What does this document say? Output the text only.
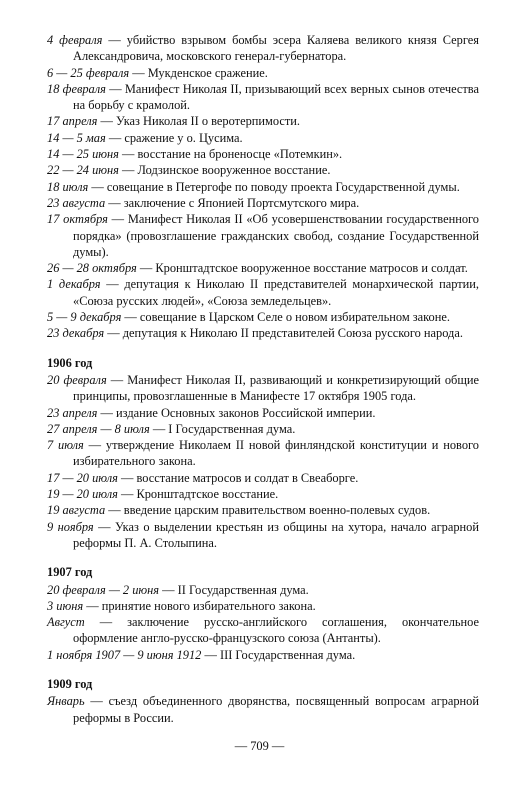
4 февраля — убийство взрывом бомбы эсера Каляева великого князя Сергея Александровича, московского генерал-губернатора.

6 — 25 февраля — Мукденское сражение.

18 февраля — Манифест Николая II, призывающий всех верных сынов отечества на борьбу с крамолой.

17 апреля — Указ Николая II о веротерпимости.

14 — 5 мая — сражение у о. Цусима.

14 — 25 июня — восстание на броненосце «Потемкин».

22 — 24 июня — Лодзинское вооруженное восстание.

18 июля — совещание в Петергофе по поводу проекта Государственной думы.

23 августа — заключение с Японией Портсмутского мира.

17 октября — Манифест Николая II «Об усовершенствовании государственного порядка» (провозглашение гражданских свобод, создание Государственной думы).

26 — 28 октября — Кронштадтское вооруженное восстание матросов и солдат.

1 декабря — депутация к Николаю II представителей монархической партии, «Союза русских людей», «Союза земледельцев».

5 — 9 декабря — совещание в Царском Селе о новом избирательном законе.

23 декабря — депутация к Николаю II представителей Союза русского народа.

1906 год

20 февраля — Манифест Николая II, развивающий и конкретизирующий общие принципы, провозглашенные в Манифесте 17 октября 1905 года.

23 апреля — издание Основных законов Российской империи.

27 апреля — 8 июля — I Государственная дума.

7 июля — утверждение Николаем II новой финляндской конституции и нового избирательного закона.

17 — 20 июля — восстание матросов и солдат в Свеаборге.

19 — 20 июля — Кронштадтское восстание.

19 августа — введение царским правительством военно-полевых судов.

9 ноября — Указ о выделении крестьян из общины на хутора, начало аграрной реформы П. А. Столыпина.

1907 год

20 февраля — 2 июня — II Государственная дума.

3 июня — принятие нового избирательного закона.

Август — заключение русско-английского соглашения, окончательное оформление англо-русско-французского союза (Антанты).

1 ноября 1907 — 9 июня 1912 — III Государственная дума.

1909 год

Январь — съезд объединенного дворянства, посвященный вопросам аграрной реформы в России.

— 709 —
